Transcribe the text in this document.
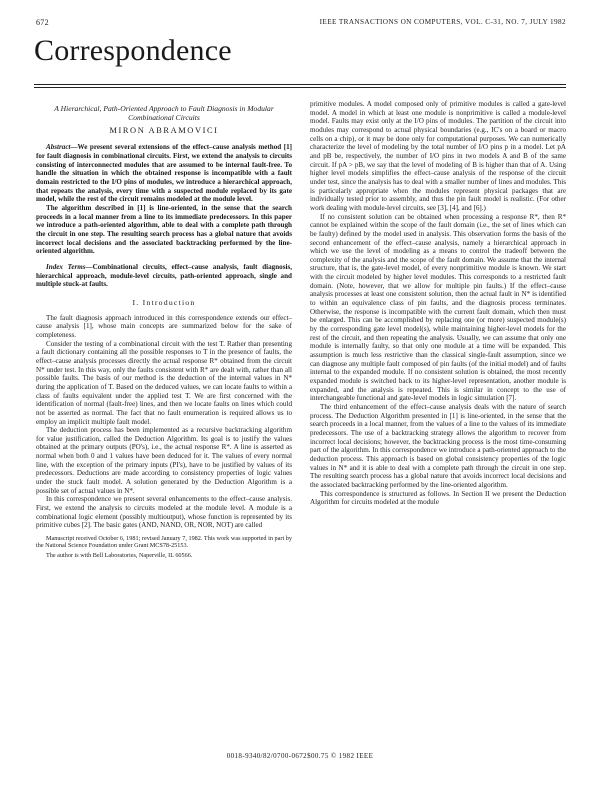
672	IEEE TRANSACTIONS ON COMPUTERS, VOL. C-31, NO. 7, JULY 1982
Correspondence
A Hierarchical, Path-Oriented Approach to Fault Diagnosis in Modular Combinational Circuits
MIRON ABRAMOVICI
Abstract—We present several extensions of the effect–cause analysis method [1] for fault diagnosis in combinational circuits. First, we extend the analysis to circuits consisting of interconnected modules that are assumed to be internal fault-free. To handle the situation in which the obtained response is incompatible with a fault domain restricted to the I/O pins of modules, we introduce a hierarchical approach, that repeats the analysis, every time with a suspected module replaced by its gate model, while the rest of the circuit remains modeled at the module level.

The algorithm described in [1] is line-oriented, in the sense that the search proceeds in a local manner from a line to its immediate predecessors. In this paper we introduce a path-oriented algorithm, able to deal with a complete path through the circuit in one step. The resulting search process has a global nature that avoids incorrect local decisions and the associated backtracking performed by the line-oriented algorithm.

Index Terms—Combinational circuits, effect–cause analysis, fault diagnosis, hierarchical approach, module-level circuits, path-oriented approach, single and multiple stuck-at faults.
I. Introduction

The fault diagnosis approach introduced in this correspondence extends our effect–cause analysis [1], whose main concepts are summarized below for the sake of completeness.

Consider the testing of a combinational circuit with the test T. Rather than presenting a fault dictionary containing all the possible responses to T in the presence of faults, the effect–cause analysis processes directly the actual response R* obtained from the circuit N* under test. In this way, only the faults consistent with R* are dealt with, rather than all possible faults. The basis of our method is the deduction of the internal values in N* during the application of T. Based on the deduced values, we can locate faults to within a class of faults equivalent under the applied test T. We are first concerned with the identification of normal (fault-free) lines, and then we locate faults on lines which could not be asserted as normal. The fact that no fault enumeration is required allows us to employ an implicit multiple fault model.

The deduction process has been implemented as a recursive backtracking algorithm for value justification, called the Deduction Algorithm. Its goal is to justify the values obtained at the primary outputs (PO's), i.e., the actual response R*. A line is asserted as normal when both 0 and 1 values have been deduced for it. The values of every normal line, with the exception of the primary inputs (PI's), have to be justified by values of its predecessors. Deductions are made according to consistency properties of logic values under the stuck fault model. A solution generated by the Deduction Algorithm is a possible set of actual values in N*.

In this correspondence we present several enhancements to the effect–cause analysis. First, we extend the analysis to circuits modeled at the module level. A module is a combinational logic element (possibly multioutput), whose function is represented by its primitive cubes [2]. The basic gates (AND, NAND, OR, NOR, NOT) are called

Manuscript received October 6, 1981; revised January 7, 1982. This work was supported in part by the National Science Foundation under Grant MCS78-25153.

The author is with Bell Laboratories, Naperville, IL 60566.

primitive modules. A model composed only of primitive modules is called a gate-level model. A model in which at least one module is nonprimitive is called a module-level model. Faults may exist only at the I/O pins of modules. The partition of the circuit into modules may correspond to actual physical boundaries (e.g., IC's on a board or macro cells on a chip), or it may be done only for computational purposes. We can numerically characterize the level of modeling by the total number of I/O pins p in a model. Let pA and pB be, respectively, the number of I/O pins in two models A and B of the same circuit. If pA > pB, we say that the level of modeling of B is higher than that of A. Using higher level models simplifies the effect–cause analysis of the response of the circuit under test, since the analysis has to deal with a smaller number of lines and modules. This is particularly appropriate when the modules represent physical packages that are individually tested prior to assembly, and thus the pin fault model is realistic. (For other work dealing with module-level circuits, see [3], [4], and [6].)

If no consistent solution can be obtained when processing a response R*, then R* cannot be explained within the scope of the fault domain (i.e., the set of lines which can be faulty) defined by the model used in analysis. This observation forms the basis of the second enhancement of the effect–cause analysis, namely a hierarchical approach in which we use the level of modeling as a means to control the tradeoff between the complexity of the analysis and the scope of the fault domain. We assume that the internal structure, that is, the gate-level model, of every nonprimitive module is known. We start with the circuit modeled by higher level modules. This corresponds to a restricted fault domain. (Note, however, that we allow for multiple pin faults.) If the effect–cause analysis processes at least one consistent solution, then the actual fault in N* is identified to within an equivalence class of pin faults, and the diagnosis process terminates. Otherwise, the response is incompatible with the current fault domain, which then must be enlarged. This can be accomplished by replacing one (or more) suspected module(s) by the corresponding gate level model(s), while maintaining higher-level models for the rest of the circuit, and then repeating the analysis. Usually, we can assume that only one module is internally faulty, so that only one module at a time will be expanded. This assumption is much less restrictive than the classical single-fault assumption, since we can diagnose any multiple fault composed of pin faults (of the initial model) and of faults internal to the expanded module. If no consistent solution is obtained, the most recently expanded module is switched back to its higher-level representation, another module is expanded, and the analysis is repeated. This is similar in concept to the use of interchangeable functional and gate-level models in logic simulation [7].

The third enhancement of the effect–cause analysis deals with the nature of search process. The Deduction Algorithm presented in [1] is line-oriented, in the sense that the search proceeds in a local manner, from the values of a line to the values of its immediate predecessors. The use of a backtracking strategy allows the algorithm to recover from incorrect local decisions; however, the backtracking process is the most time-consuming part of the algorithm. In this correspondence we introduce a path-oriented approach to the deduction process. This approach is based on global consistency properties of the logic values in N* and it is able to deal with a complete path through the circuit in one step. The resulting search process has a global nature that avoids incorrect local decisions and the associated backtracking performed by the line-oriented algorithm.

This correspondence is structured as follows. In Section II we present the Deduction Algorithm for circuits modeled at the module

0018-9340/82/0700-0672$00.75 © 1982 IEEE
